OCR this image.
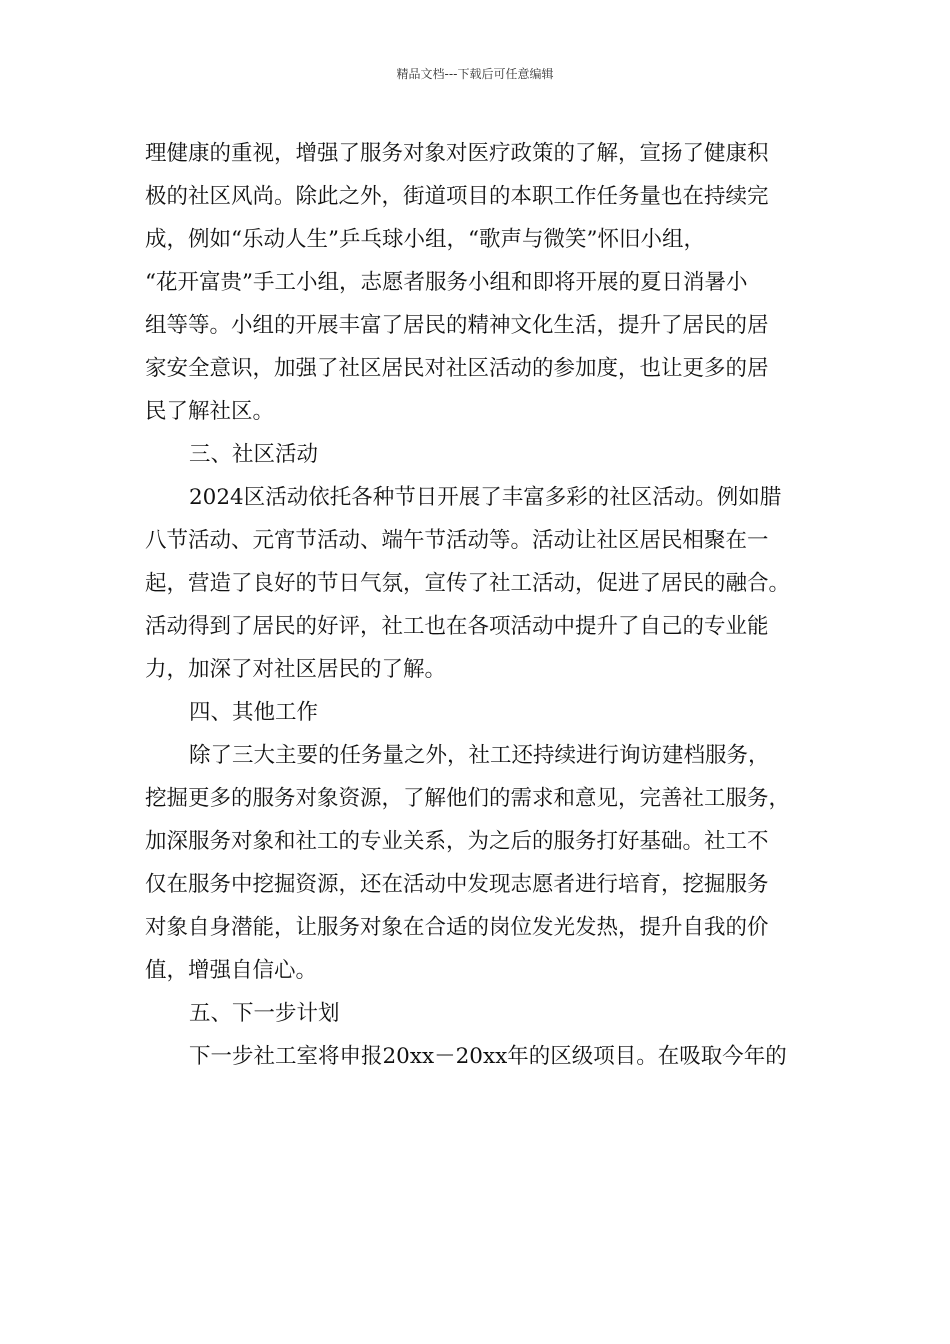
精品文档---下载后可任意编辑
理健康的重视，增强了服务对象对医疗政策的了解，宣扬了健康积
极的社区风尚。除此之外，街道项目的本职工作任务量也在持续完
成，例如“乐动人生”乒乓球小组，“歌声与微笑”怀旧小组，
“花开富贵”手工小组，志愿者服务小组和即将开展的夏日消暑小
组等等。小组的开展丰富了居民的精神文化生活，提升了居民的居
家安全意识，加强了社区居民对社区活动的参加度，也让更多的居
民了解社区。
三、社区活动
2024区活动依托各种节日开展了丰富多彩的社区活动。例如腊
八节活动、元宵节活动、端午节活动等。活动让社区居民相聚在一
起，营造了良好的节日气氛，宣传了社工活动，促进了居民的融合。
活动得到了居民的好评，社工也在各项活动中提升了自己的专业能
力，加深了对社区居民的了解。
四、其他工作
除了三大主要的任务量之外，社工还持续进行询访建档服务，
挖掘更多的服务对象资源，了解他们的需求和意见，完善社工服务，
加深服务对象和社工的专业关系，为之后的服务打好基础。社工不
仅在服务中挖掘资源，还在活动中发现志愿者进行培育，挖掘服务
对象自身潜能，让服务对象在合适的岗位发光发热，提升自我的价
值，增强自信心。
五、下一步计划
下一步社工室将申报20xx－20xx年的区级项目。在吸取今年的
